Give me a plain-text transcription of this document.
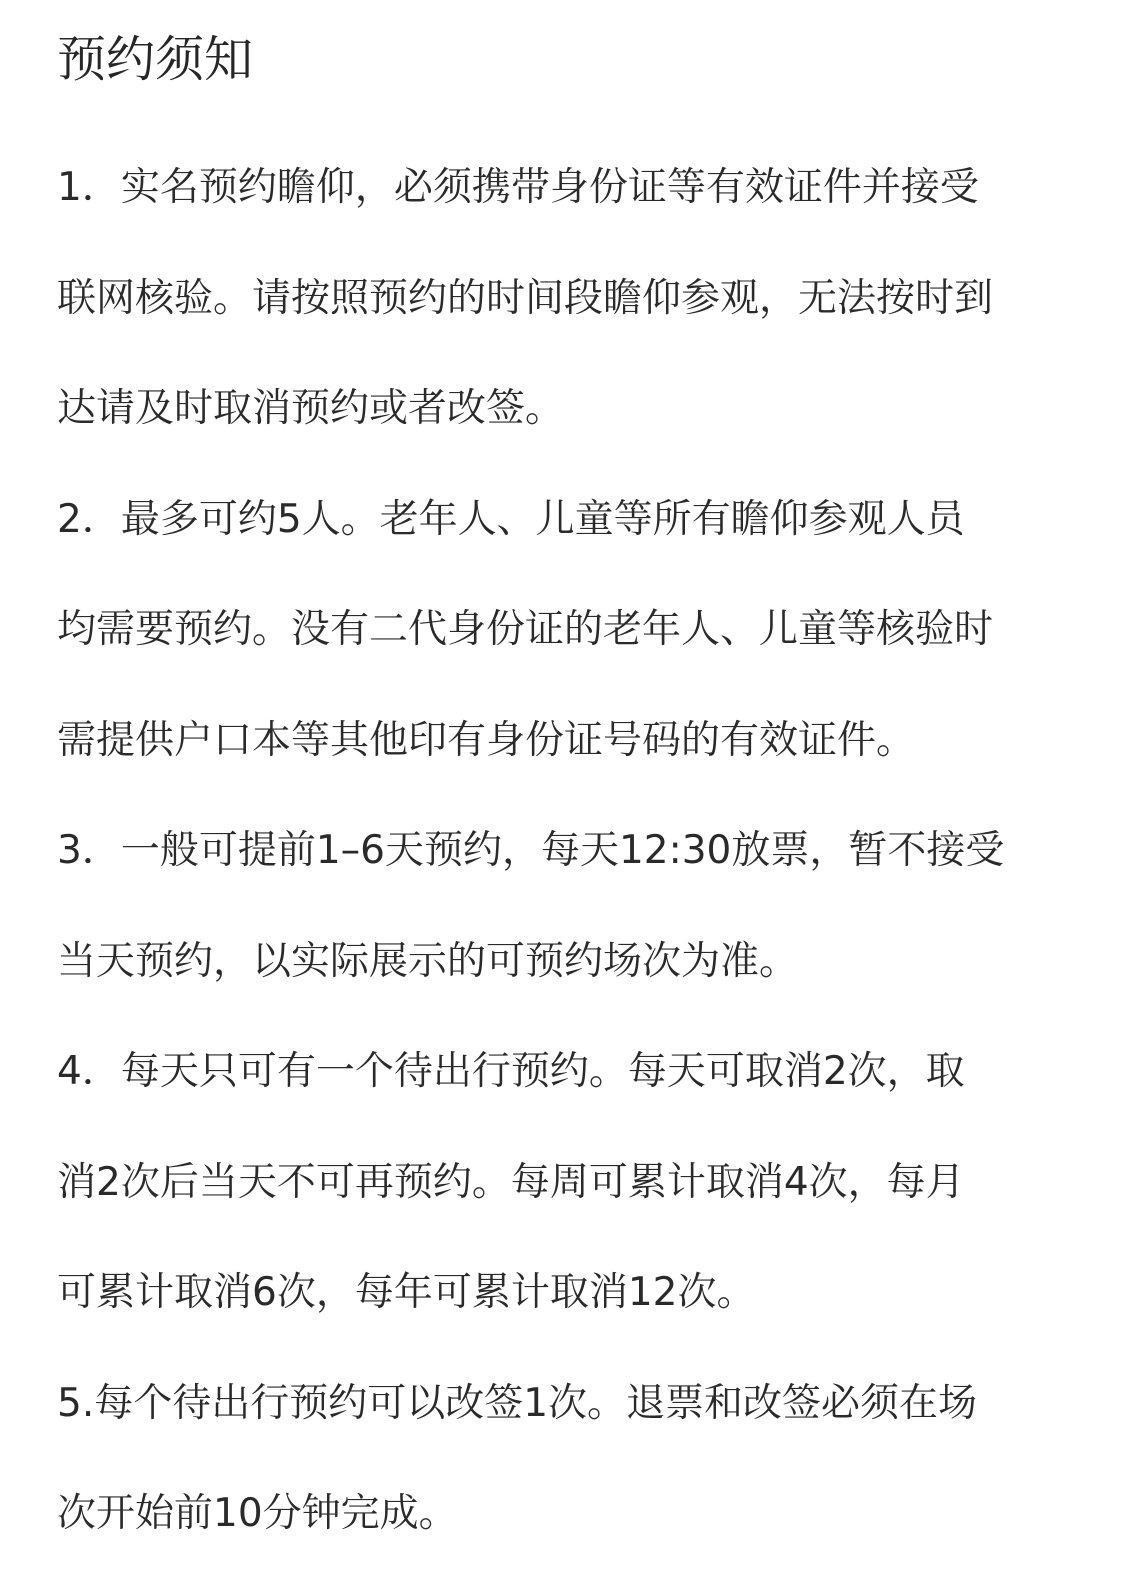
预约须知
1．实名预约瞻仰，必须携带身份证等有效证件并接受
联网核验。请按照预约的时间段瞻仰参观，无法按时到
达请及时取消预约或者改签。
2．最多可约5人。老年人、儿童等所有瞻仰参观人员
均需要预约。没有二代身份证的老年人、儿童等核验时
需提供户口本等其他印有身份证号码的有效证件。
3．一般可提前1–6天预约，每天12:30放票，暂不接受
当天预约，以实际展示的可预约场次为准。
4．每天只可有一个待出行预约。每天可取消2次，取
消2次后当天不可再预约。每周可累计取消4次，每月
可累计取消6次，每年可累计取消12次。
5.每个待出行预约可以改签1次。退票和改签必须在场
次开始前10分钟完成。
